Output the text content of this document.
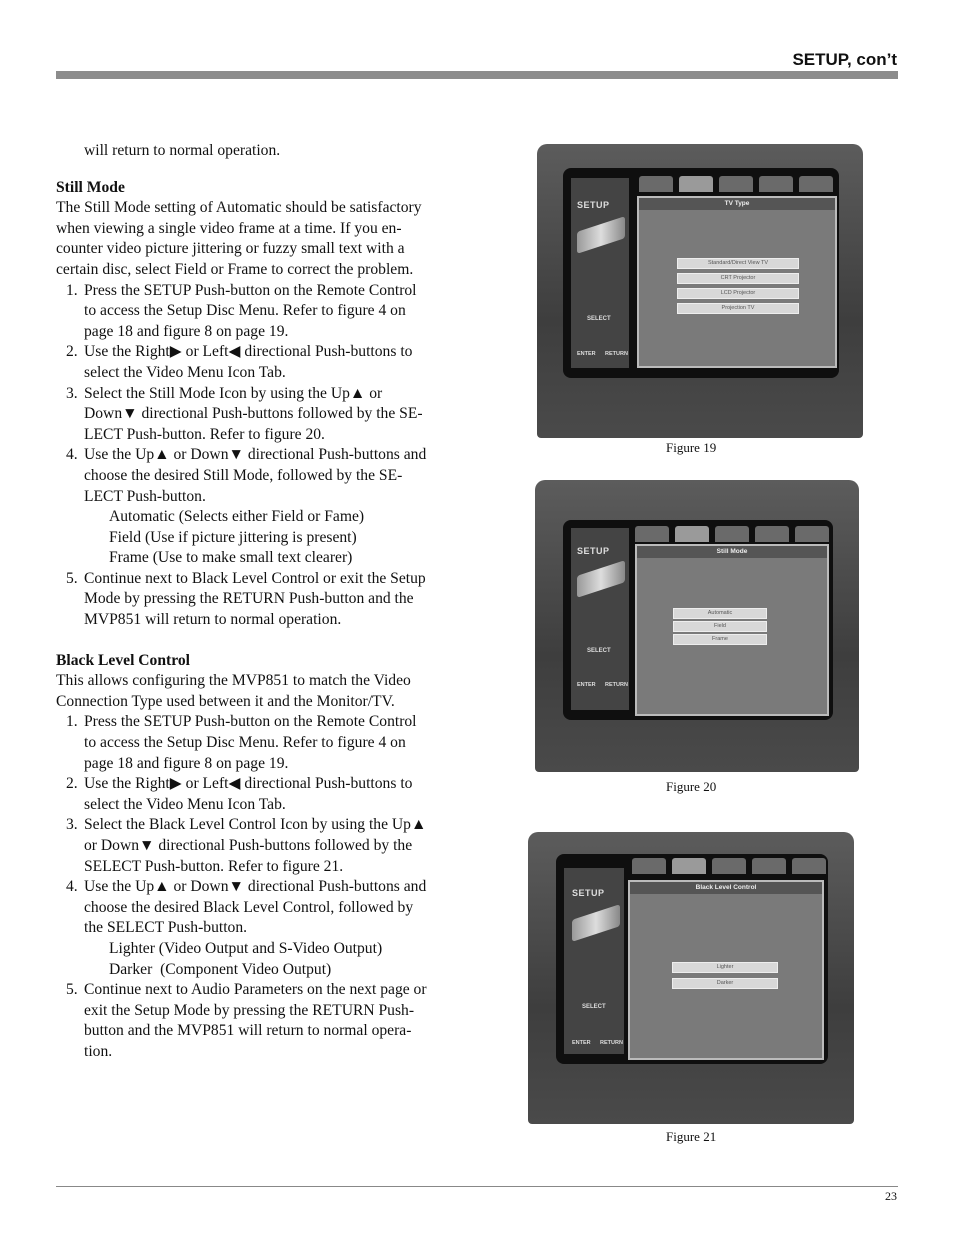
SETUP, con’t

will return to normal operation.

Still Mode

The Still Mode setting of Automatic should be satisfactory

when viewing a single video frame at a time. If you en-

counter video picture jittering or fuzzy small text with a

certain disc, select Field or Frame to correct the problem.

1. Press the SETUP Push-button on the Remote Control
to access the Setup Disc Menu. Refer to figure 4 on
page 18 and figure 8 on page 19.
2. Use the Right▶ or Left◀ directional Push-buttons to
select the Video Menu Icon Tab.
3. Select the Still Mode Icon by using the Up▲ or
Down▼ directional Push-buttons followed by the SE-
LECT Push-button. Refer to figure 20.
4. Use the Up▲ or Down▼ directional Push-buttons and
choose the desired Still Mode, followed by the SE-
LECT Push-button.

Automatic (Selects either Field or Fame)

Field (Use if picture jittering is present)

Frame (Use to make small text clearer)

5. Continue next to Black Level Control or exit the Setup
Mode by pressing the RETURN Push-button and the
MVP851 will return to normal operation.

Black Level Control

This allows configuring the MVP851 to match the Video

Connection Type used between it and the Monitor/TV.

1. Press the SETUP Push-button on the Remote Control
to access the Setup Disc Menu. Refer to figure 4 on
page 18 and figure 8 on page 19.
2. Use the Right▶ or Left◀ directional Push-buttons to
select the Video Menu Icon Tab.
3. Select the Black Level Control Icon by using the Up▲
or Down▼ directional Push-buttons followed by the
SELECT Push-button. Refer to figure 21.
4. Use the Up▲ or Down▼ directional Push-buttons and
choose the desired Black Level Control, followed by
the SELECT Push-button.

Lighter (Video Output and S-Video Output)

Darker  (Component Video Output)

5. Continue next to Audio Parameters on the next page or
exit the Setup Mode by pressing the RETURN Push-
button and the MVP851 will return to normal opera-
tion.
SETUP
SELECT
ENTER RETURN
TV Type
Standard/Direct View TV
CRT Projector
LCD Projector
Projection TV
Figure 19
SETUP
SELECT
ENTER RETURN
Still Mode
Automatic
Field
Frame
Figure 20
SETUP
SELECT
ENTER RETURN
Black Level Control
Lighter
Darker
Figure 21
23
